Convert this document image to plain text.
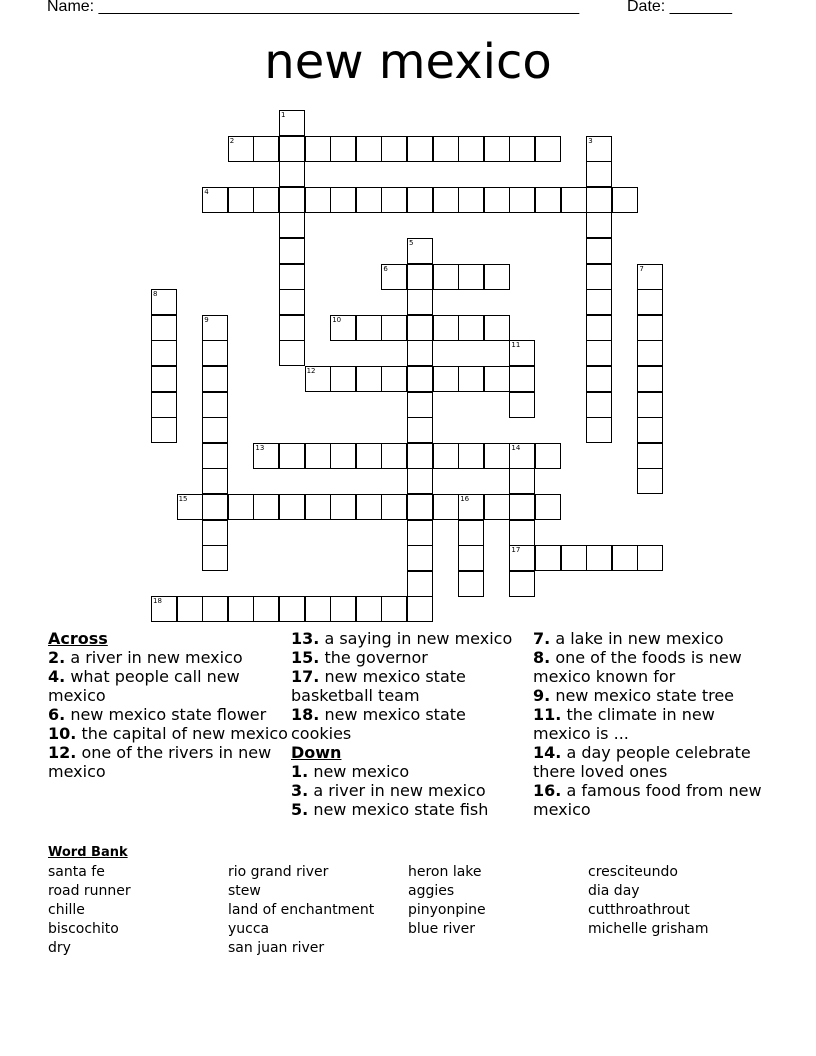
Name: ______________________________________________________	Date: _______
new mexico
1
2	3
4
5
6	7
8
9	10
11
12
13	14
15	16
17
18
Across
2. a river in new mexico
4. what people call new mexico
6. new mexico state flower
10. the capital of new mexico
12. one of the rivers in new mexico
13. a saying in new mexico
15. the governor
17. new mexico state basketball team
18. new mexico state cookies
Down
1. new mexico
3. a river in new mexico
5. new mexico state fish
7. a lake in new mexico
8. one of the foods is new mexico known for
9. new mexico state tree
11. the climate in new mexico is ...
14. a day people celebrate there loved ones
16. a famous food from new mexico
Word Bank
santa fe
road runner
chille
biscochito
dry
rio grand river
stew
land of enchantment
yucca
san juan river
heron lake
aggies
pinyonpine
blue river
cresciteundo
dia day
cutthroathrout
michelle grisham
